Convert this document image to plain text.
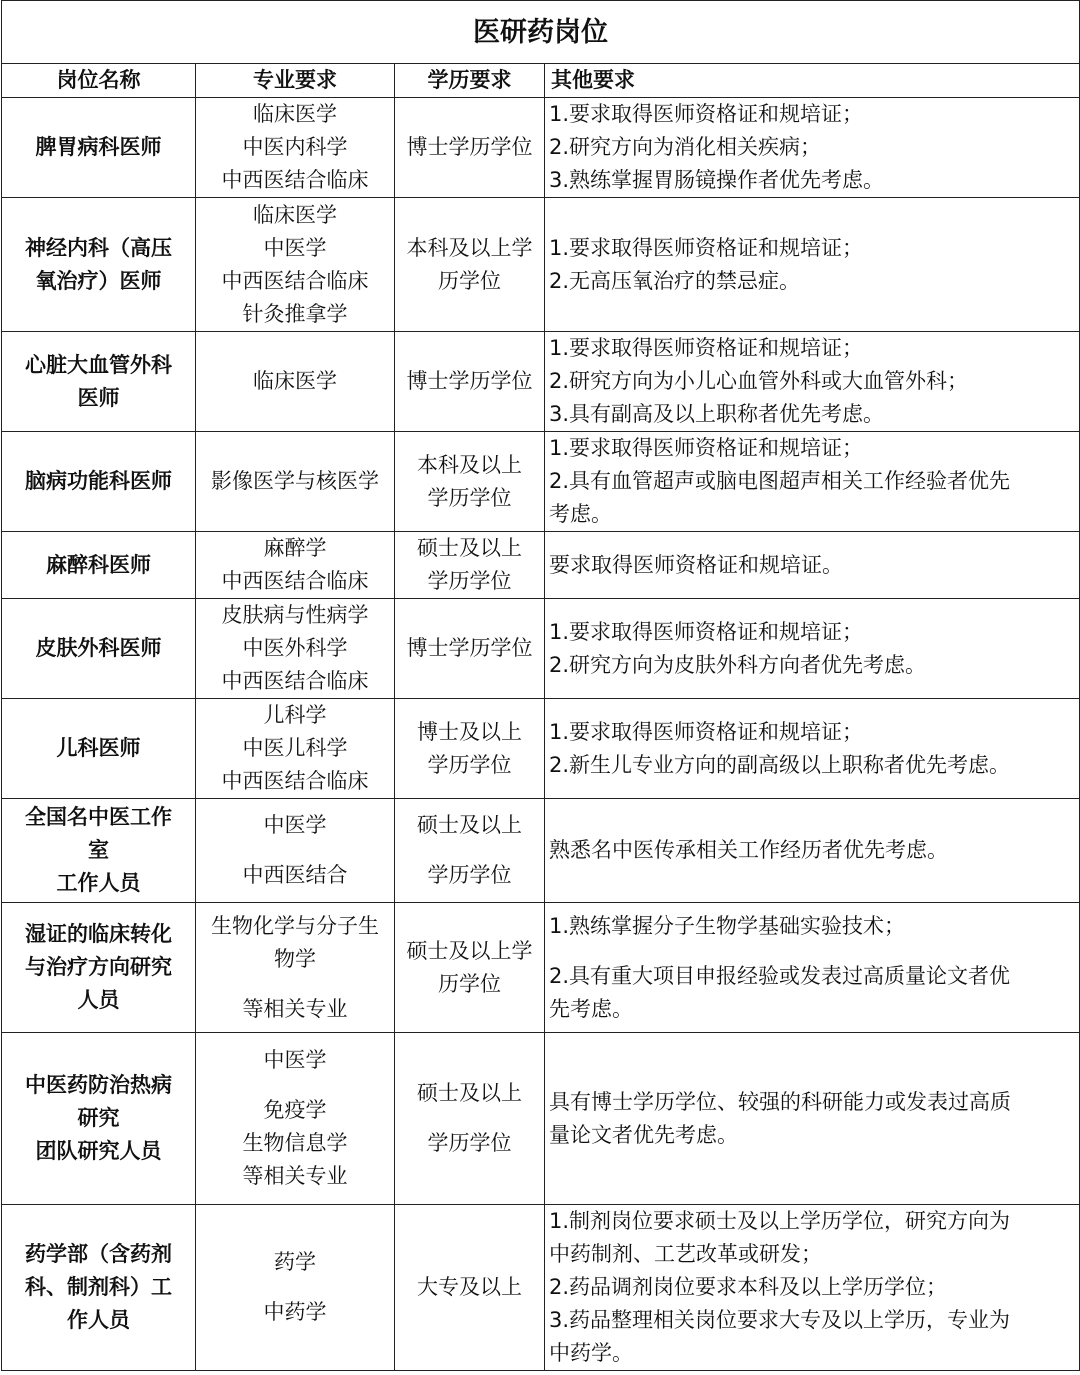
医研药岗位			
岗位名称	专业要求	学历要求	其他要求

脾胃病科医师	临床医学
中医内科学
中西医结合临床	博士学历学位	1.要求取得医师资格证和规培证；
2.研究方向为消化相关疾病；
3.熟练掌握胃肠镜操作者优先考虑。

神经内科（高压
氧治疗）医师	临床医学
中医学
中西医结合临床
针灸推拿学	本科及以上学
历学位	1.要求取得医师资格证和规培证；
2.无高压氧治疗的禁忌症。

心脏大血管外科
医师	临床医学	博士学历学位	1.要求取得医师资格证和规培证；
2.研究方向为小儿心血管外科或大血管外科；
3.具有副高及以上职称者优先考虑。

脑病功能科医师	影像医学与核医学	本科及以上
学历学位	1.要求取得医师资格证和规培证；
2.具有血管超声或脑电图超声相关工作经验者优先
考虑。

麻醉科医师	麻醉学
中西医结合临床	硕士及以上
学历学位	要求取得医师资格证和规培证。

皮肤外科医师	皮肤病与性病学
中医外科学
中西医结合临床	博士学历学位	1.要求取得医师资格证和规培证；
2.研究方向为皮肤外科方向者优先考虑。

儿科医师	儿科学
中医儿科学
中西医结合临床	博士及以上
学历学位	1.要求取得医师资格证和规培证；
2.新生儿专业方向的副高级以上职称者优先考虑。

全国名中医工作
室
工作人员	中医学
中西医结合	硕士及以上
学历学位	熟悉名中医传承相关工作经历者优先考虑。

湿证的临床转化
与治疗方向研究
人员	生物化学与分子生
物学
等相关专业	硕士及以上学
历学位	1.熟练掌握分子生物学基础实验技术；
2.具有重大项目申报经验或发表过高质量论文者优
先考虑。

中医药防治热病
研究
团队研究人员	中医学
免疫学
生物信息学
等相关专业	硕士及以上
学历学位	具有博士学历学位、较强的科研能力或发表过高质
量论文者优先考虑。

药学部（含药剂
科、制剂科）工
作人员	药学
中药学	大专及以上	1.制剂岗位要求硕士及以上学历学位，研究方向为
中药制剂、工艺改革或研发；
2.药品调剂岗位要求本科及以上学历学位；
3.药品整理相关岗位要求大专及以上学历，专业为
中药学。
